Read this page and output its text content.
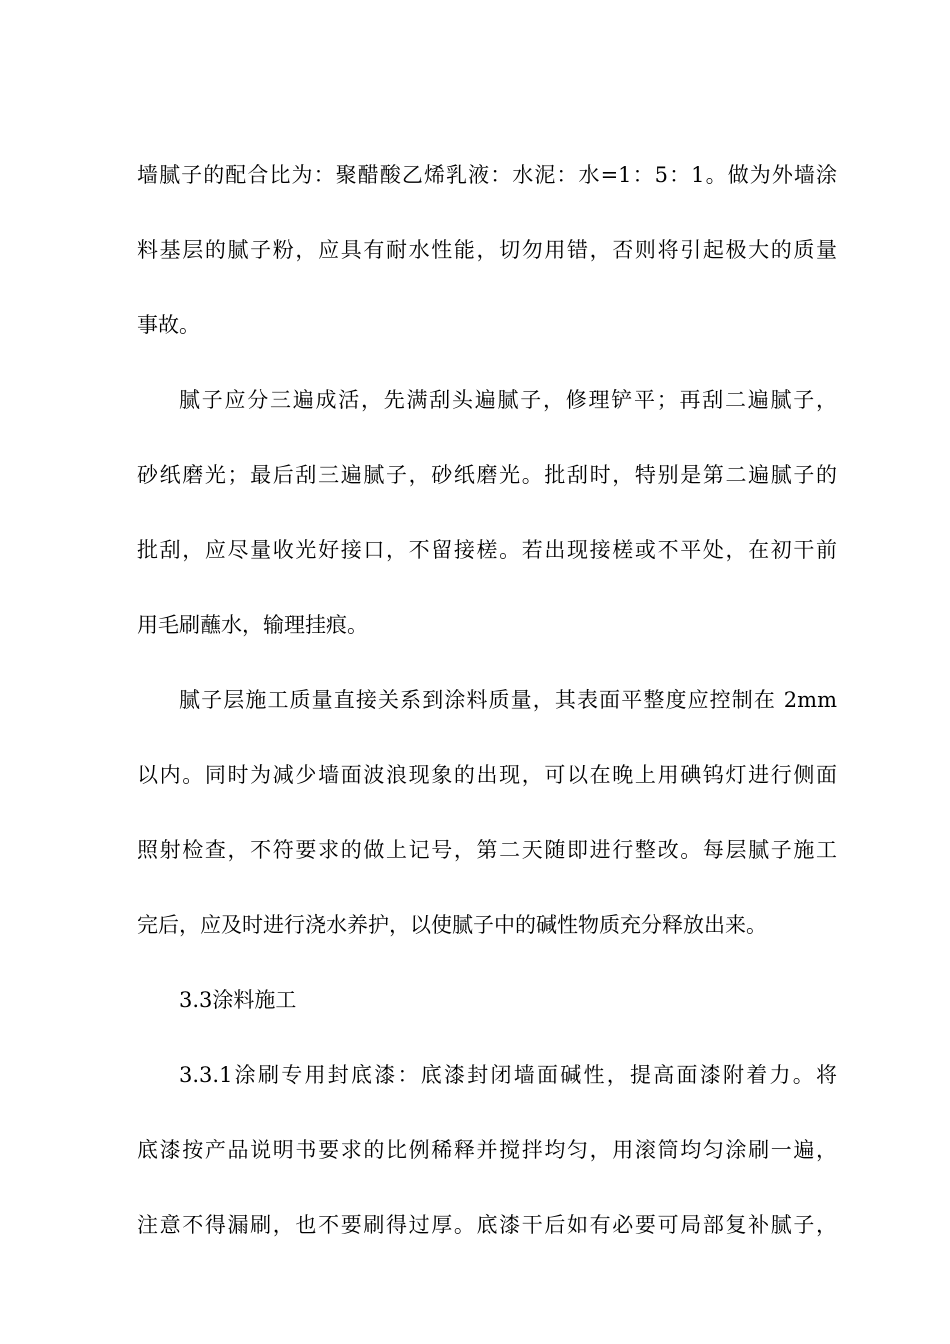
墙腻子的配合比为：聚醋酸乙烯乳液：水泥：水=1：5：1。做为外墙涂

料基层的腻子粉，应具有耐水性能，切勿用错，否则将引起极大的质量

事故。

腻子应分三遍成活，先满刮头遍腻子，修理铲平；再刮二遍腻子，

砂纸磨光；最后刮三遍腻子，砂纸磨光。批刮时，特别是第二遍腻子的

批刮，应尽量收光好接口，不留接槎。若出现接槎或不平处，在初干前

用毛刷蘸水，输理挂痕。

腻子层施工质量直接关系到涂料质量，其表面平整度应控制在 2mm

以内。同时为减少墙面波浪现象的出现，可以在晚上用碘钨灯进行侧面

照射检查，不符要求的做上记号，第二天随即进行整改。每层腻子施工

完后，应及时进行浇水养护，以使腻子中的碱性物质充分释放出来。

3.3涂料施工

3.3.1涂刷专用封底漆：底漆封闭墙面碱性，提高面漆附着力。将

底漆按产品说明书要求的比例稀释并搅拌均匀，用滚筒均匀涂刷一遍，

注意不得漏刷，也不要刷得过厚。底漆干后如有必要可局部复补腻子，
